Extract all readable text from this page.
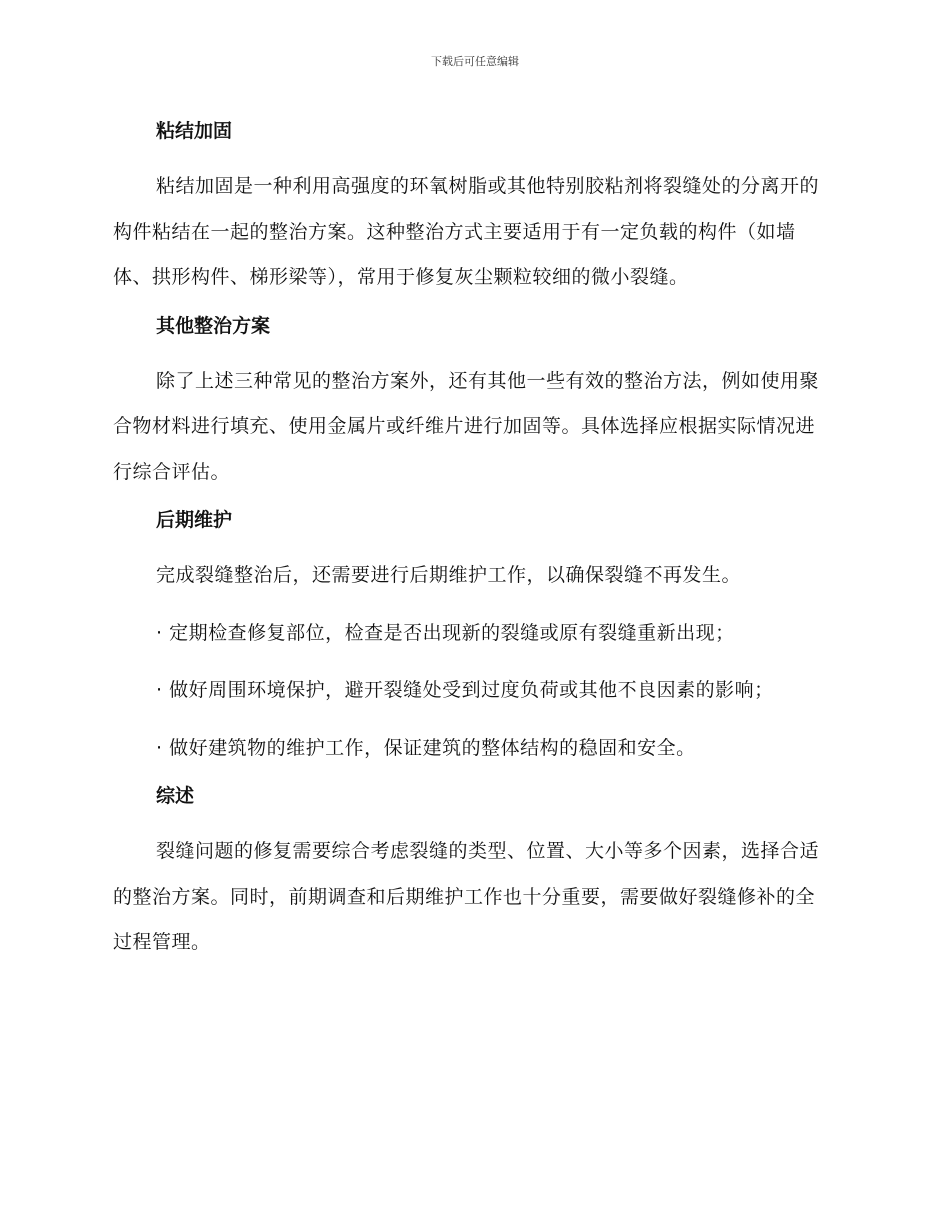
下载后可任意编辑
粘结加固

粘结加固是一种利用高强度的环氧树脂或其他特别胶粘剂将裂缝处的分离开的构件粘结在一起的整治方案。这种整治方式主要适用于有一定负载的构件（如墙体、拱形构件、梯形梁等），常用于修复灰尘颗粒较细的微小裂缝。

其他整治方案

除了上述三种常见的整治方案外，还有其他一些有效的整治方法，例如使用聚合物材料进行填充、使用金属片或纤维片进行加固等。具体选择应根据实际情况进行综合评估。

后期维护

完成裂缝整治后，还需要进行后期维护工作，以确保裂缝不再发生。

· 定期检查修复部位，检查是否出现新的裂缝或原有裂缝重新出现；

· 做好周围环境保护，避开裂缝处受到过度负荷或其他不良因素的影响；

· 做好建筑物的维护工作，保证建筑的整体结构的稳固和安全。

综述

裂缝问题的修复需要综合考虑裂缝的类型、位置、大小等多个因素，选择合适的整治方案。同时，前期调查和后期维护工作也十分重要，需要做好裂缝修补的全过程管理。
